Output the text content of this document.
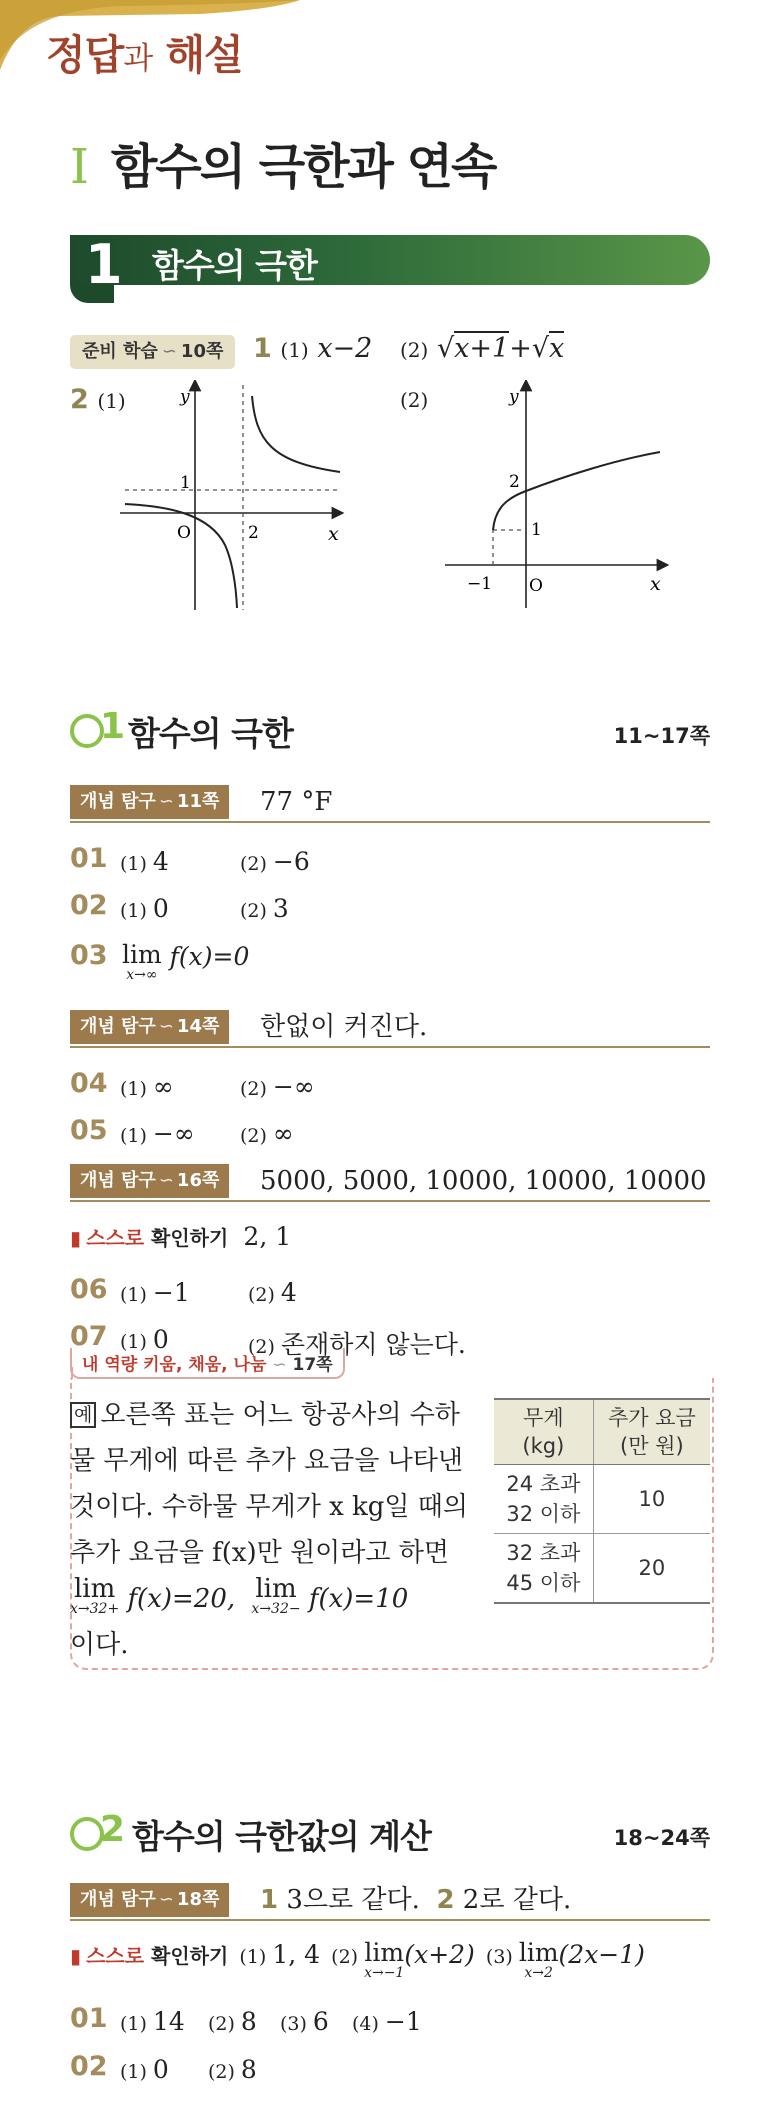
정답과 해설
I 함수의 극한과 연속
1 함수의 극한
준비 학습 ∽ 10쪽	1 (1) x−2 (2) √x+1+√x
2 (1)	(2)
y
x
O
1
2
y
x
O
2
1
−1
1 함수의 극한	11~17쪽
개념 탐구 ∽ 11쪽	77 °F
01 (1) 4	(2) −6
02 (1) 0	(2) 3
03 lim
x→∞
f(x)=0
개념 탐구 ∽ 14쪽	한없이 커진다.
04 (1) ∞	(2) −∞
05 (1) −∞ (2) ∞
개념 탐구 ∽ 16쪽	5000, 5000, 10000, 10000, 10000
▮ 스스로 확인하기 2, 1
06 (1) −1	(2) 4
07 (1) 0	(2) 존재하지 않는다.
내 역량 키움, 채움, 나눔 ∽ 17쪽
예 오른쪽 표는 어느 항공사의 수하
물 무게에 따른 추가 요금을 나타낸
것이다. 수하물 무게가 x kg일 때의
추가 요금을 f(x)만 원이라고 하면
lim
x→32+ f(x)=20, lim
x→32− f(x)=10
이다.
무게
(kg)	추가 요금
(만 원)
24 초과
32 이하	10
32 초과
45 이하	20
2 함수의 극한값의 계산	18~24쪽
개념 탐구 ∽ 18쪽	1 3으로 같다. 2 2로 같다.
▮ 스스로 확인하기 (1) 1, 4 (2) lim
x→−1
(x+2) (3) lim
x→2
(2x−1)
01 (1) 14 (2) 8 (3) 6 (4) −1
02 (1) 0 (2) 8
